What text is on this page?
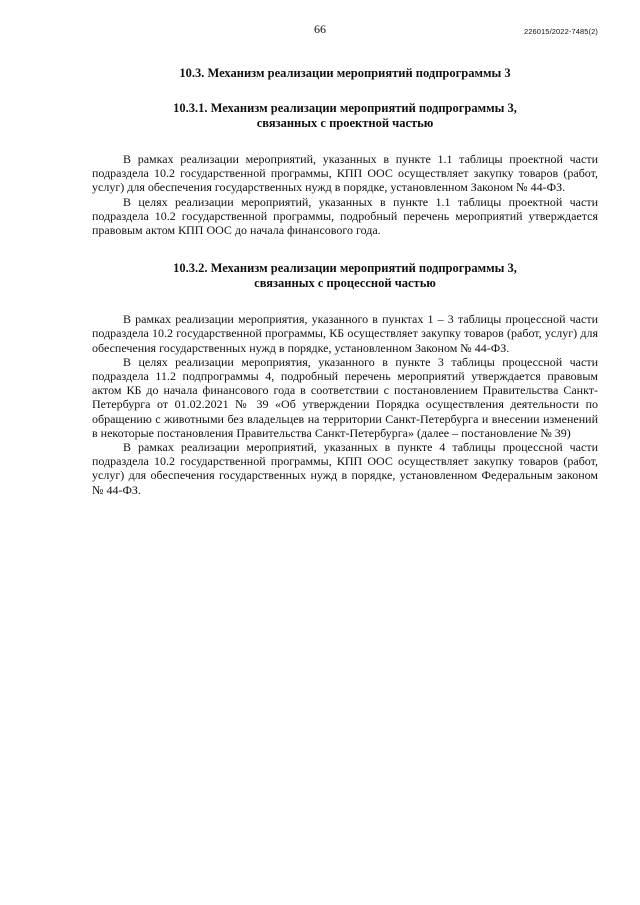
66	226015/2022-7485(2)
10.3. Механизм реализации мероприятий подпрограммы 3
10.3.1. Механизм реализации мероприятий подпрограммы 3,
связанных с проектной частью

В рамках реализации мероприятий, указанных в пункте 1.1 таблицы проектной части подраздела 10.2 государственной программы, КПП ООС осуществляет закупку товаров (работ, услуг) для обеспечения государственных нужд в порядке, установленном Законом № 44-ФЗ.

В целях реализации мероприятий, указанных в пункте 1.1 таблицы проектной части подраздела 10.2 государственной программы, подробный перечень мероприятий утверждается правовым актом КПП ООС до начала финансового года.

10.3.2. Механизм реализации мероприятий подпрограммы 3,
связанных с процессной частью

В рамках реализации мероприятия, указанного в пунктах 1 – 3 таблицы процессной части подраздела 10.2 государственной программы, КБ осуществляет закупку товаров (работ, услуг) для обеспечения государственных нужд в порядке, установленном Законом № 44-ФЗ.

В целях реализации мероприятия, указанного в пункте 3 таблицы процессной части подраздела 11.2 подпрограммы 4, подробный перечень мероприятий утверждается правовым актом КБ до начала финансового года в соответствии с постановлением Правительства Санкт-Петербурга от 01.02.2021 № 39 «Об утверждении Порядка осуществления деятельности по обращению с животными без владельцев на территории Санкт-Петербурга и внесении изменений в некоторые постановления Правительства Санкт-Петербурга» (далее – постановление № 39)

В рамках реализации мероприятий, указанных в пункте 4 таблицы процессной части подраздела 10.2 государственной программы, КПП ООС осуществляет закупку товаров (работ, услуг) для обеспечения государственных нужд в порядке, установленном Федеральным законом № 44-ФЗ.
